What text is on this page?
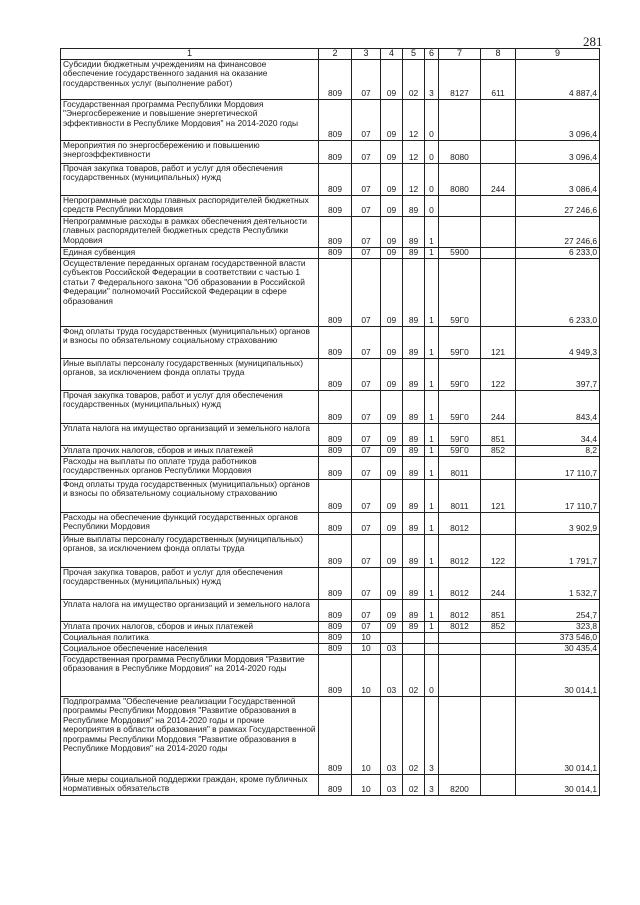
281
1	2	3	4	5	6	7	8	9
Субсидии бюджетным учреждениям на финансовое обеспечение государственного задания на оказание государственных услуг (выполнение работ)	809	07	09	02	3	8127	611	4 887,4
Государственная программа Республики Мордовия "Энергосбережение и повышение энергетической эффективности в Республике Мордовия" на 2014-2020 годы	809	07	09	12	0			3 096,4
Мероприятия по энергосбережению и повышению энергоэффективности	809	07	09	12	0	8080		3 096,4
Прочая закупка товаров, работ и услуг для обеспечения государственных (муниципальных) нужд	809	07	09	12	0	8080	244	3 086,4
Непрограммные расходы главных распорядителей бюджетных средств Республики Мордовия	809	07	09	89	0			27 246,6
Непрограммные расходы в рамках обеспечения деятельности главных распорядителей бюджетных средств Республики Мордовия	809	07	09	89	1			27 246,6
Единая субвенция	809	07	09	89	1	5900		6 233,0
Осуществление переданных органам государственной власти субъектов Российской Федерации в соответствии с частью 1 статьи 7 Федерального закона "Об образовании в Российской Федерации" полномочий Российской Федерации в сфере образования	809	07	09	89	1	59Г0		6 233,0
Фонд оплаты труда государственных (муниципальных) органов и взносы по обязательному социальному страхованию	809	07	09	89	1	59Г0	121	4 949,3
Иные выплаты персоналу государственных (муниципальных) органов, за исключением фонда оплаты труда	809	07	09	89	1	59Г0	122	397,7
Прочая закупка товаров, работ и услуг для обеспечения государственных (муниципальных) нужд	809	07	09	89	1	59Г0	244	843,4
Уплата налога на имущество организаций и земельного налога	809	07	09	89	1	59Г0	851	34,4
Уплата прочих налогов, сборов и иных платежей	809	07	09	89	1	59Г0	852	8,2
Расходы на выплаты по оплате труда работников государственных органов Республики Мордовия	809	07	09	89	1	8011		17 110,7
Фонд оплаты труда государственных (муниципальных) органов и взносы по обязательному социальному страхованию	809	07	09	89	1	8011	121	17 110,7
Расходы на обеспечение функций государственных органов Республики Мордовия	809	07	09	89	1	8012		3 902,9
Иные выплаты персоналу государственных (муниципальных) органов, за исключением фонда оплаты труда	809	07	09	89	1	8012	122	1 791,7
Прочая закупка товаров, работ и услуг для обеспечения государственных (муниципальных) нужд	809	07	09	89	1	8012	244	1 532,7
Уплата налога на имущество организаций и земельного налога	809	07	09	89	1	8012	851	254,7
Уплата прочих налогов, сборов и иных платежей	809	07	09	89	1	8012	852	323,8
Социальная политика	809	10						373 546,0
Социальное обеспечение населения	809	10	03					30 435,4
Государственная программа Республики Мордовия "Развитие образования в Республике Мордовия" на 2014-2020 годы	809	10	03	02	0			30 014,1
Подпрограмма "Обеспечение реализации Государственной программы Республики Мордовия "Развитие образования в Республике Мордовия" на 2014-2020 годы и прочие мероприятия в области образования" в рамках Государственной программы Республики Мордовия "Развитие образования в Республике Мордовия" на 2014-2020 годы	809	10	03	02	3			30 014,1
Иные меры социальной поддержки граждан, кроме публичных нормативных обязательств	809	10	03	02	3	8200		30 014,1
